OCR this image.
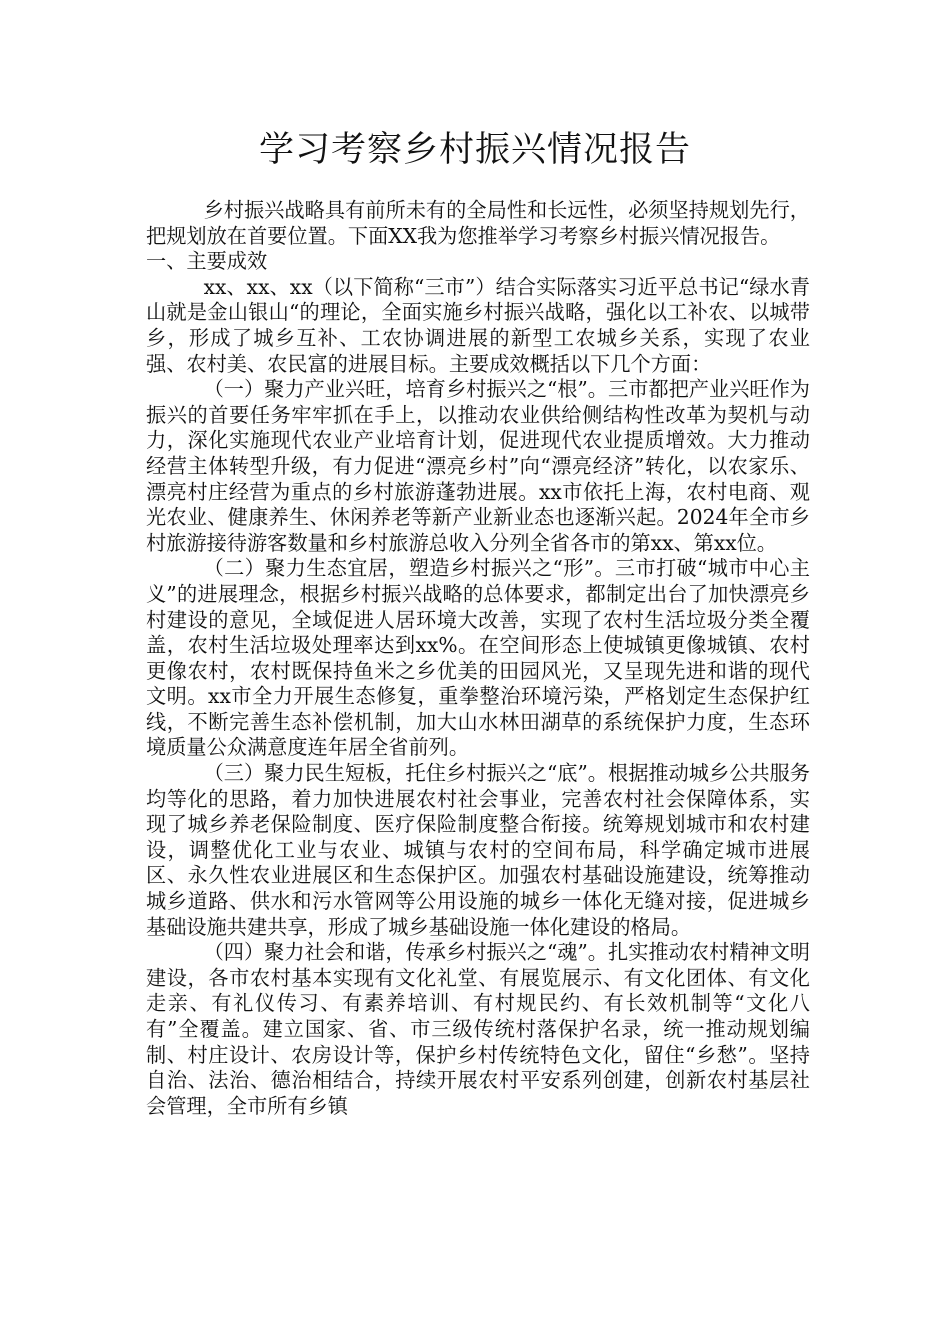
学习考察乡村振兴情况报告

乡村振兴战略具有前所未有的全局性和长远性，必须坚持规划先行，把规划放在首要位置。下面XX我为您推举学习考察乡村振兴情况报告。

一、主要成效

xx、xx、xx（以下简称“三市”）结合实际落实习近平总书记“绿水青山就是金山银山“的理论，全面实施乡村振兴战略，强化以工补农、以城带乡，形成了城乡互补、工农协调进展的新型工农城乡关系，实现了农业强、农村美、农民富的进展目标。主要成效概括以下几个方面：

（一）聚力产业兴旺，培育乡村振兴之“根”。三市都把产业兴旺作为振兴的首要任务牢牢抓在手上，以推动农业供给侧结构性改革为契机与动力，深化实施现代农业产业培育计划，促进现代农业提质增效。大力推动经营主体转型升级，有力促进“漂亮乡村”向“漂亮经济”转化，以农家乐、漂亮村庄经营为重点的乡村旅游蓬勃进展。xx市依托上海，农村电商、观光农业、健康养生、休闲养老等新产业新业态也逐渐兴起。2024年全市乡村旅游接待游客数量和乡村旅游总收入分列全省各市的第xx、第xx位。

（二）聚力生态宜居，塑造乡村振兴之“形”。三市打破“城市中心主义”的进展理念，根据乡村振兴战略的总体要求，都制定出台了加快漂亮乡村建设的意见，全域促进人居环境大改善，实现了农村生活垃圾分类全覆盖，农村生活垃圾处理率达到xx%。在空间形态上使城镇更像城镇、农村更像农村，农村既保持鱼米之乡优美的田园风光，又呈现先进和谐的现代文明。xx市全力开展生态修复，重拳整治环境污染，严格划定生态保护红线，不断完善生态补偿机制，加大山水林田湖草的系统保护力度，生态环境质量公众满意度连年居全省前列。

（三）聚力民生短板，托住乡村振兴之“底”。根据推动城乡公共服务均等化的思路，着力加快进展农村社会事业，完善农村社会保障体系，实现了城乡养老保险制度、医疗保险制度整合衔接。统筹规划城市和农村建设，调整优化工业与农业、城镇与农村的空间布局，科学确定城市进展区、永久性农业进展区和生态保护区。加强农村基础设施建设，统筹推动城乡道路、供水和污水管网等公用设施的城乡一体化无缝对接，促进城乡基础设施共建共享，形成了城乡基础设施一体化建设的格局。

（四）聚力社会和谐，传承乡村振兴之“魂”。扎实推动农村精神文明建设，各市农村基本实现有文化礼堂、有展览展示、有文化团体、有文化走亲、有礼仪传习、有素养培训、有村规民约、有长效机制等“文化八有”全覆盖。建立国家、省、市三级传统村落保护名录，统一推动规划编制、村庄设计、农房设计等，保护乡村传统特色文化，留住“乡愁”。坚持自治、法治、德治相结合，持续开展农村平安系列创建，创新农村基层社会管理，全市所有乡镇
